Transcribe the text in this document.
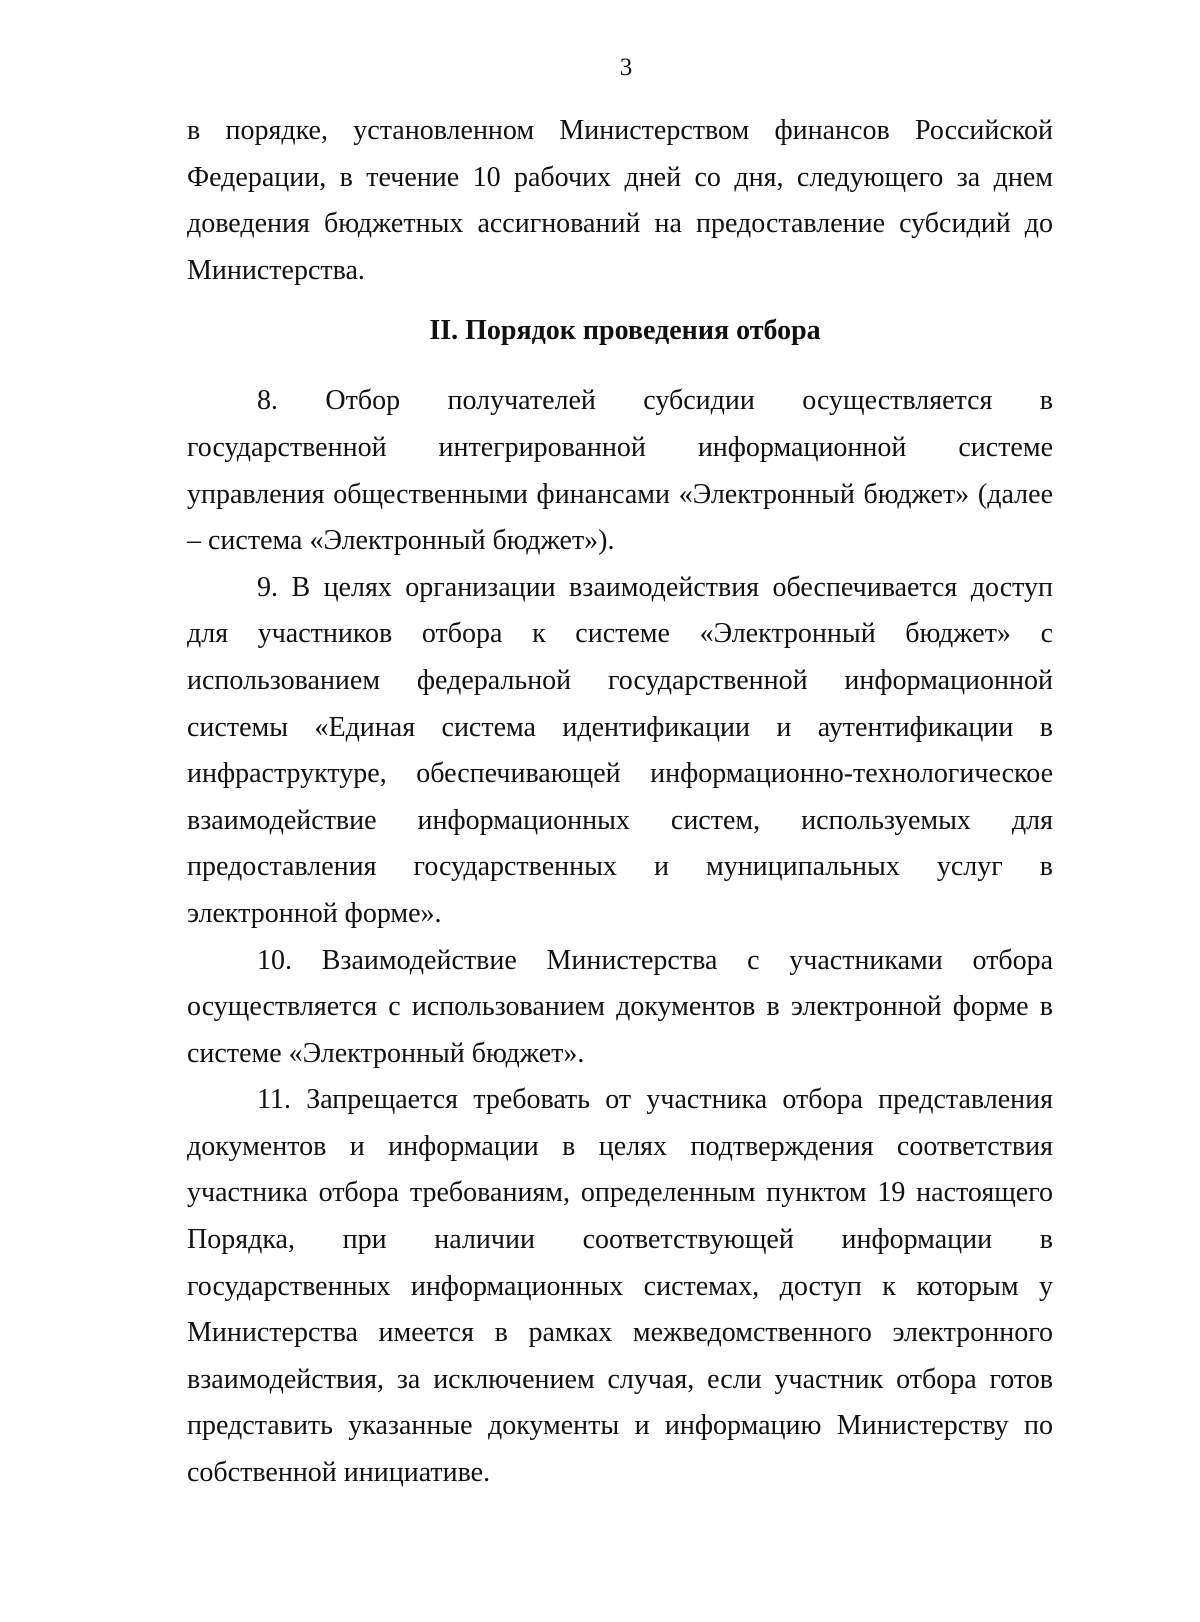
3

в порядке, установленном Министерством финансов Российской Федерации, в течение 10 рабочих дней со дня, следующего за днем доведения бюджетных ассигнований на предоставление субсидий до Министерства.

II. Порядок проведения отбора

8. Отбор получателей субсидии осуществляется в государственной интегрированной информационной системе управления общественными финансами «Электронный бюджет» (далее – система «Электронный бюджет»).

9. В целях организации взаимодействия обеспечивается доступ для участников отбора к системе «Электронный бюджет» с использованием федеральной государственной информационной системы «Единая система идентификации и аутентификации в инфраструктуре, обеспечивающей информационно-технологическое взаимодействие информационных систем, используемых для предоставления государственных и муниципальных услуг в электронной форме».

10. Взаимодействие Министерства с участниками отбора осуществляется с использованием документов в электронной форме в системе «Электронный бюджет».

11. Запрещается требовать от участника отбора представления документов и информации в целях подтверждения соответствия участника отбора требованиям, определенным пунктом 19 настоящего Порядка, при наличии соответствующей информации в государственных информационных системах, доступ к которым у Министерства имеется в рамках межведомственного электронного взаимодействия, за исключением случая, если участник отбора готов представить указанные документы и информацию Министерству по собственной инициативе.
